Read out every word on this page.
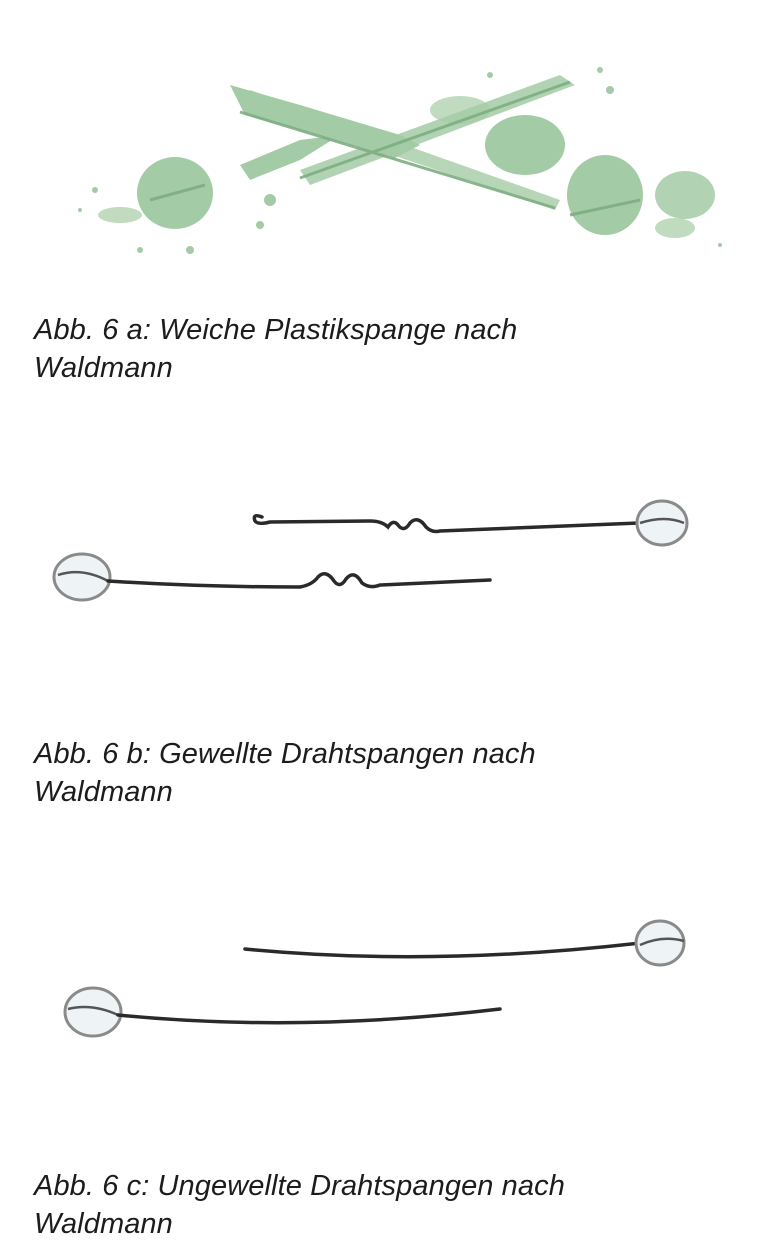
Abb. 6 a: Weiche Plastikspange nach
Waldmann

Abb. 6 b: Gewellte Drahtspangen nach
Waldmann

Abb. 6 c: Ungewellte Drahtspangen nach
Waldmann
